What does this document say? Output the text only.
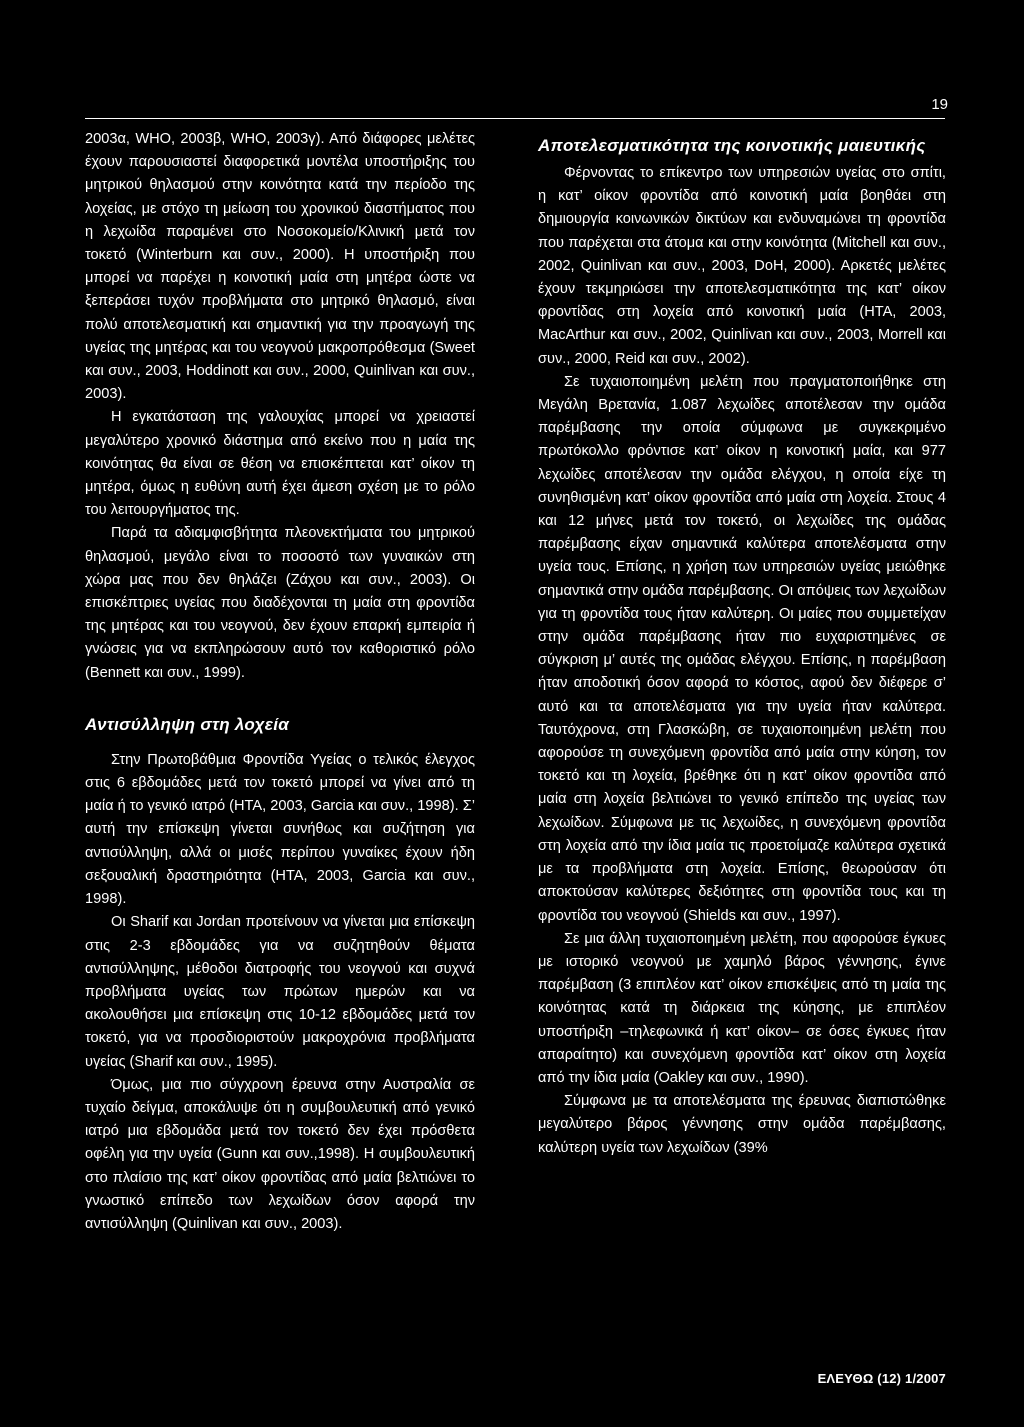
19

2003α, WHO, 2003β, WHO, 2003γ). Από διάφορες μελέτες έχουν παρουσιαστεί διαφορετικά μοντέλα υποστήριξης του μητρικού θηλασμού στην κοινότητα κατά την περίοδο της λοχείας, με στόχο τη μείωση του χρονικού διαστήματος που η λεχωίδα παραμένει στο Νοσοκομείο/Κλινική μετά τον τοκετό (Winterburn και συν., 2000). Η υποστήριξη που μπορεί να παρέχει η κοινοτική μαία στη μητέρα ώστε να ξεπεράσει τυχόν προβλήματα στο μητρικό θηλασμό, είναι πολύ αποτελεσματική και σημαντική για την προαγωγή της υγείας της μητέρας και του νεογνού μακροπρόθεσμα (Sweet και συν., 2003, Hoddinott και συν., 2000, Quinlivan και συν., 2003).

Η εγκατάσταση της γαλουχίας μπορεί να χρειαστεί μεγαλύτερο χρονικό διάστημα από εκείνο που η μαία της κοινότητας θα είναι σε θέση να επισκέπτεται κατ’ οίκον τη μητέρα, όμως η ευθύνη αυτή έχει άμεση σχέση με το ρόλο του λειτουργήματος της.

Παρά τα αδιαμφισβήτητα πλεονεκτήματα του μητρικού θηλασμού, μεγάλο είναι το ποσοστό των γυναικών στη χώρα μας που δεν θηλάζει (Ζάχου και συν., 2003). Οι επισκέπτριες υγείας που διαδέχονται τη μαία στη φροντίδα της μητέρας και του νεογνού, δεν έχουν επαρκή εμπειρία ή γνώσεις για να εκπληρώσουν αυτό τον καθοριστικό ρόλο (Bennett και συν., 1999).

Αντισύλληψη στη λοχεία

Στην Πρωτοβάθμια Φροντίδα Υγείας ο τελικός έλεγχος στις 6 εβδομάδες μετά τον τοκετό μπορεί να γίνει από τη μαία ή το γενικό ιατρό (HTA, 2003, Garcia και συν., 1998). Σ’ αυτή την επίσκεψη γίνεται συνήθως και συζήτηση για αντισύλληψη, αλλά οι μισές περίπου γυναίκες έχουν ήδη σεξουαλική δραστηριότητα (HTA, 2003, Garcia και συν., 1998).

Οι Sharif και Jordan προτείνουν να γίνεται μια επίσκεψη στις 2-3 εβδομάδες για να συζητηθούν θέματα αντισύλληψης, μέθοδοι διατροφής του νεογνού και συχνά προβλήματα υγείας των πρώτων ημερών και να ακολουθήσει μια επίσκεψη στις 10-12 εβδομάδες μετά τον τοκετό, για να προσδιοριστούν μακροχρόνια προβλήματα υγείας (Sharif και συν., 1995).

Όμως, μια πιο σύγχρονη έρευνα στην Αυστραλία σε τυχαίο δείγμα, αποκάλυψε ότι η συμβουλευτική από γενικό ιατρό μια εβδομάδα μετά τον τοκετό δεν έχει πρόσθετα οφέλη για την υγεία (Gunn και συν.,1998). Η συμβουλευτική στο πλαίσιο της κατ’ οίκον φροντίδας από μαία βελτιώνει το γνωστικό επίπεδο των λεχωίδων όσον αφορά την αντισύλληψη (Quinlivan και συν., 2003).

Αποτελεσματικότητα της κοινοτικής μαιευτικής

Φέρνοντας το επίκεντρο των υπηρεσιών υγείας στο σπίτι, η κατ’ οίκον φροντίδα από κοινοτική μαία βοηθάει στη δημιουργία κοινωνικών δικτύων και ενδυναμώνει τη φροντίδα που παρέχεται στα άτομα και στην κοινότητα (Mitchell και συν., 2002, Quinlivan και συν., 2003, DoH, 2000). Αρκετές μελέτες έχουν τεκμηριώσει την αποτελεσματικότητα της κατ’ οίκον φροντίδας στη λοχεία από κοινοτική μαία (HTA, 2003, MacArthur και συν., 2002, Quinlivan και συν., 2003, Morrell και συν., 2000, Reid και συν., 2002).

Σε τυχαιοποιημένη μελέτη που πραγματοποιήθηκε στη Μεγάλη Βρετανία, 1.087 λεχωίδες αποτέλεσαν την ομάδα παρέμβασης την οποία σύμφωνα με συγκεκριμένο πρωτόκολλο φρόντισε κατ’ οίκον η κοινοτική μαία, και 977 λεχωίδες αποτέλεσαν την ομάδα ελέγχου, η οποία είχε τη συνηθισμένη κατ’ οίκον φροντίδα από μαία στη λοχεία. Στους 4 και 12 μήνες μετά τον τοκετό, οι λεχωίδες της ομάδας παρέμβασης είχαν σημαντικά καλύτερα αποτελέσματα στην υγεία τους. Επίσης, η χρήση των υπηρεσιών υγείας μειώθηκε σημαντικά στην ομάδα παρέμβασης. Οι απόψεις των λεχωίδων για τη φροντίδα τους ήταν καλύτερη. Οι μαίες που συμμετείχαν στην ομάδα παρέμβασης ήταν πιο ευχαριστημένες σε σύγκριση μ’ αυτές της ομάδας ελέγχου. Επίσης, η παρέμβαση ήταν αποδοτική όσον αφορά το κόστος, αφού δεν διέφερε σ’ αυτό και τα αποτελέσματα για την υγεία ήταν καλύτερα. Ταυτόχρονα, στη Γλασκώβη, σε τυχαιοποιημένη μελέτη που αφορούσε τη συνεχόμενη φροντίδα από μαία στην κύηση, τον τοκετό και τη λοχεία, βρέθηκε ότι η κατ’ οίκον φροντίδα από μαία στη λοχεία βελτιώνει το γενικό επίπεδο της υγείας των λεχωίδων. Σύμφωνα με τις λεχωίδες, η συνεχόμενη φροντίδα στη λοχεία από την ίδια μαία τις προετοίμαζε καλύτερα σχετικά με τα προβλήματα στη λοχεία. Επίσης, θεωρούσαν ότι αποκτούσαν καλύτερες δεξιότητες στη φροντίδα τους και τη φροντίδα του νεογνού (Shields και συν., 1997).

Σε μια άλλη τυχαιοποιημένη μελέτη, που αφορούσε έγκυες με ιστορικό νεογνού με χαμηλό βάρος γέννησης, έγινε παρέμβαση (3 επιπλέον κατ’ οίκον επισκέψεις από τη μαία της κοινότητας κατά τη διάρκεια της κύησης, με επιπλέον υποστήριξη –τηλεφωνικά ή κατ’ οίκον– σε όσες έγκυες ήταν απαραίτητο) και συνεχόμενη φροντίδα κατ’ οίκον στη λοχεία από την ίδια μαία (Oakley και συν., 1990).

Σύμφωνα με τα αποτελέσματα της έρευνας διαπιστώθηκε μεγαλύτερο βάρος γέννησης στην ομάδα παρέμβασης, καλύτερη υγεία των λεχωίδων (39%

ΕΛΕΥΘΩ (12) 1/2007
